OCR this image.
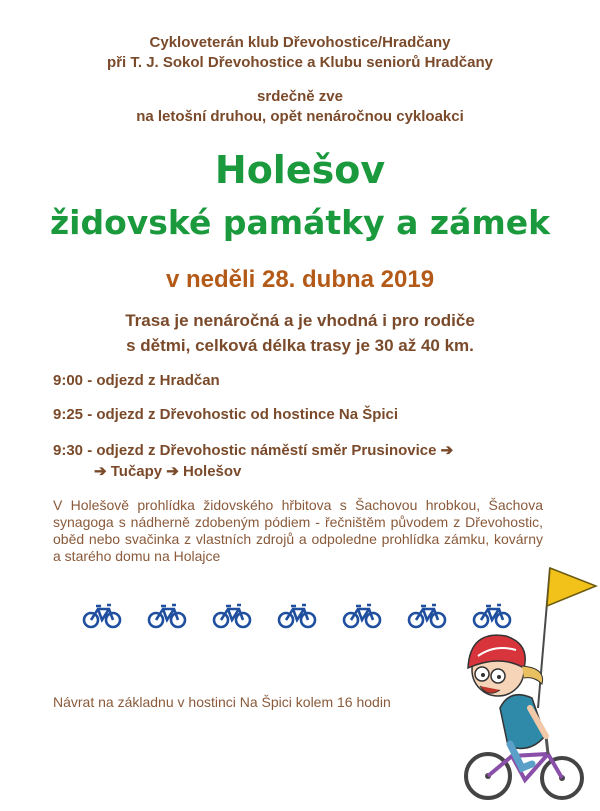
Cykloveterán klub Dřevohostice/Hradčany
při T. J. Sokol Dřevohostice a Klubu seniorů Hradčany
srdečně zve
na letošní druhou, opět nenáročnou cykloakci
Holešov
židovské památky a zámek
v neděli 28. dubna 2019
Trasa je nenáročná a je vhodná i pro rodiče
s dětmi, celková délka trasy je 30 až 40 km.
9:00 - odjezd z Hradčan
9:25 - odjezd z Dřevohostic od hostince Na Špici
9:30 - odjezd z Dřevohostic náměstí směr Prusinovice ➔
➔ Tučapy ➔ Holešov
V Holešově prohlídka židovského hřbitova s Šachovou hrobkou, Šachova synagoga s nádherně zdobeným pódiem - řečništěm původem z Dřevohostic, oběd nebo svačinka z vlastních zdrojů a odpoledne prohlídka zámku, kovárny a starého domu na Holajce
Návrat na základnu v hostinci Na Špici kolem 16 hodin
